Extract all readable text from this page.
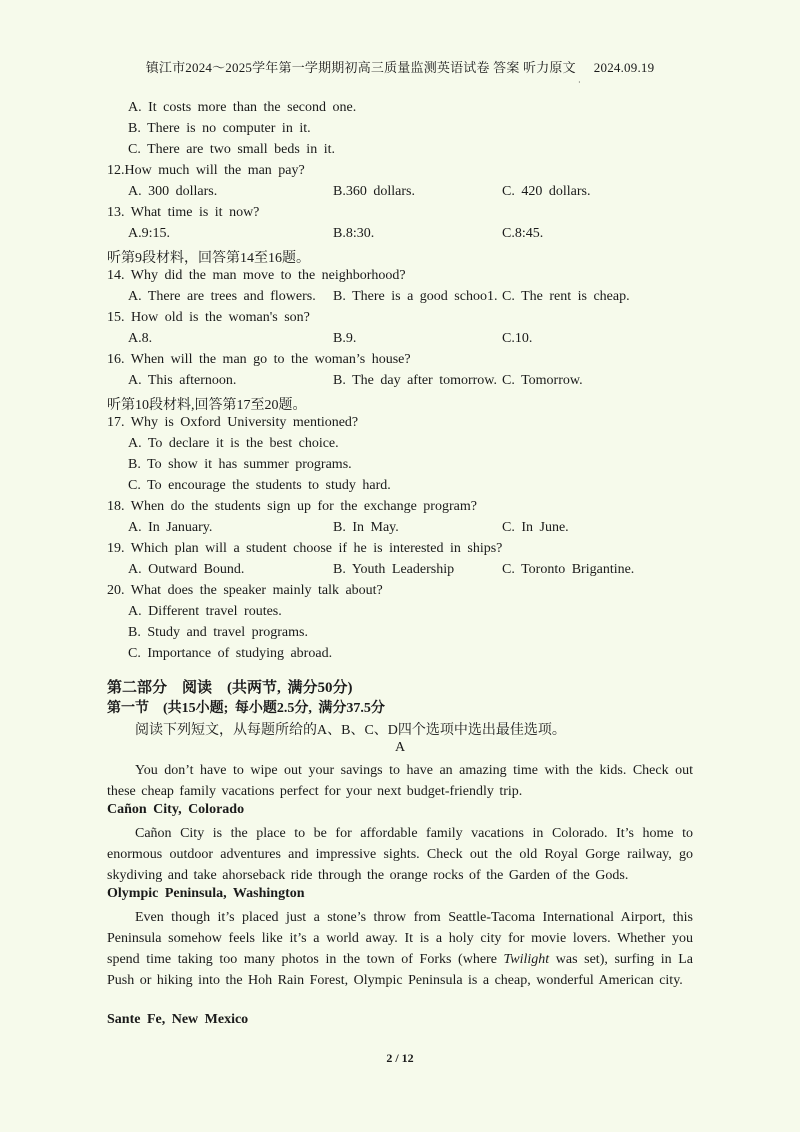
镇江市2024～2025学年第一学期期初高三质量监测英语试卷 答案 听力原文 2024.09.19
·
A. It costs more than the second one.
B. There is no computer in it.
C. There are two small beds in it.
12.How much will the man pay?
A. 300 dollars.	B.360 dollars.	C. 420 dollars.
13. What time is it now?
A.9:15.	B.8:30.	C.8:45.
听第9段材料，回答第14至16题。
14. Why did the man move to the neighborhood?
A. There are trees and flowers. B. There is a good schoo1. C. The rent is cheap.
15. How old is the woman's son?
A.8.	B.9.	C.10.
16. When will the man go to the woman’s house?
A. This afternoon.	B. The day after tomorrow. C. Tomorrow.
听第10段材料,回答第17至20题。
17. Why is Oxford University mentioned?
A. To declare it is the best choice.
B. To show it has summer programs.
C. To encourage the students to study hard.
18. When do the students sign up for the exchange program?
A. In January.	B. In May.	C. In June.
19. Which plan will a student choose if he is interested in ships?
A. Outward Bound.	B. Youth Leadership	C. Toronto Brigantine.
20. What does the speaker mainly talk about?
A. Different travel routes.
B. Study and travel programs.
C. Importance of studying abroad.
第二部分　阅读　(共两节, 满分50分)
第一节　(共15小题; 每小题2.5分, 满分37.5分
阅读下列短文，从每题所给的A、B、C、D四个选项中选出最佳选项。
A
You don’t have to wipe out your savings to have an amazing time with the kids. Check out these cheap family vacations perfect for your next budget-friendly trip.
Cañon City, Colorado
Cañon City is the place to be for affordable family vacations in Colorado. It’s home to enormous outdoor adventures and impressive sights. Check out the old Royal Gorge railway, go skydiving and take ahorseback ride through the orange rocks of the Garden of the Gods.
Olympic Peninsula, Washington
Even though it’s placed just a stone’s throw from Seattle-Tacoma International Airport, this Peninsula somehow feels like it’s a world away. It is a holy city for movie lovers. Whether you spend time taking too many photos in the town of Forks (where Twilight was set), surfing in La Push or hiking into the Hoh Rain Forest, Olympic Peninsula is a cheap, wonderful American city.
Sante Fe, New Mexico
2 / 12
